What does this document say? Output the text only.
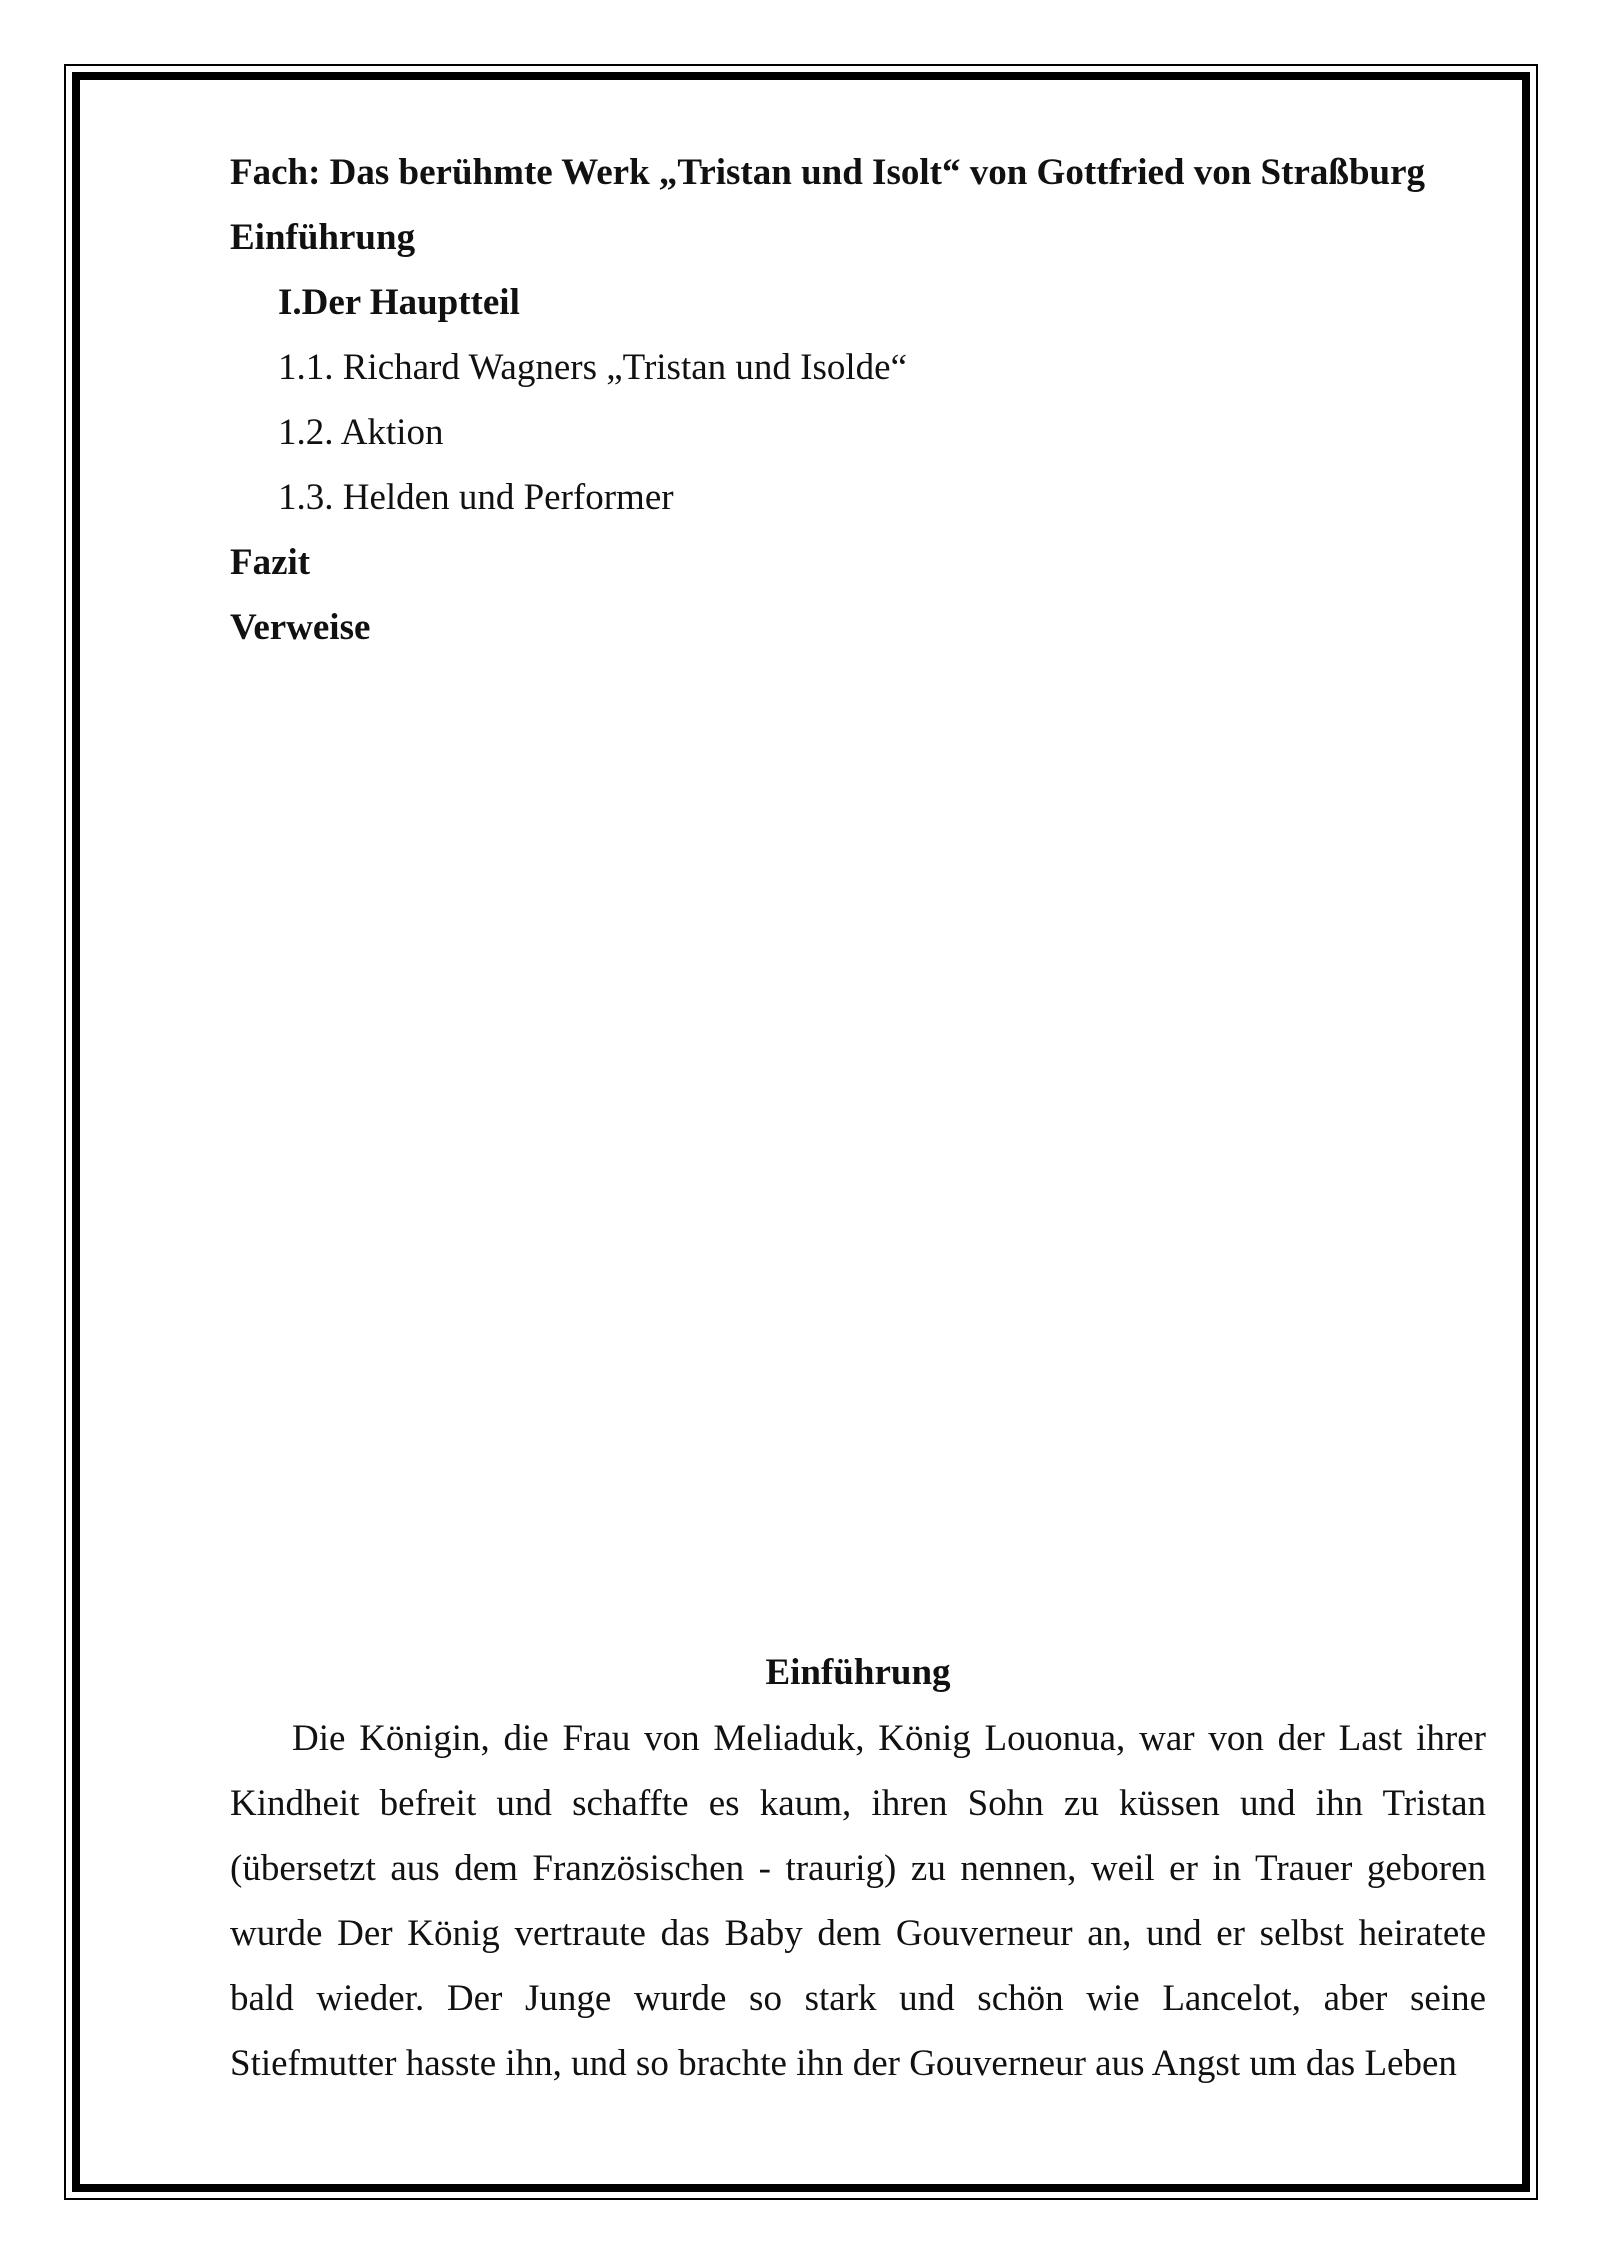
Fach: Das berühmte Werk „Tristan und Isolt“ von Gottfried von Straßburg
Einführung
I.Der Hauptteil
1.1. Richard Wagners „Tristan und Isolde“
1.2. Aktion
1.3. Helden und Performer
Fazit
Verweise
Einführung
Die Königin, die Frau von Meliaduk, König Louonua, war von der Last ihrer Kindheit befreit und schaffte es kaum, ihren Sohn zu küssen und ihn Tristan (übersetzt aus dem Französischen - traurig) zu nennen, weil er in Trauer geboren wurde Der König vertraute das Baby dem Gouverneur an, und er selbst heiratete bald wieder. Der Junge wurde so stark und schön wie Lancelot, aber seine Stiefmutter hasste ihn, und so brachte ihn der Gouverneur aus Angst um das Leben
